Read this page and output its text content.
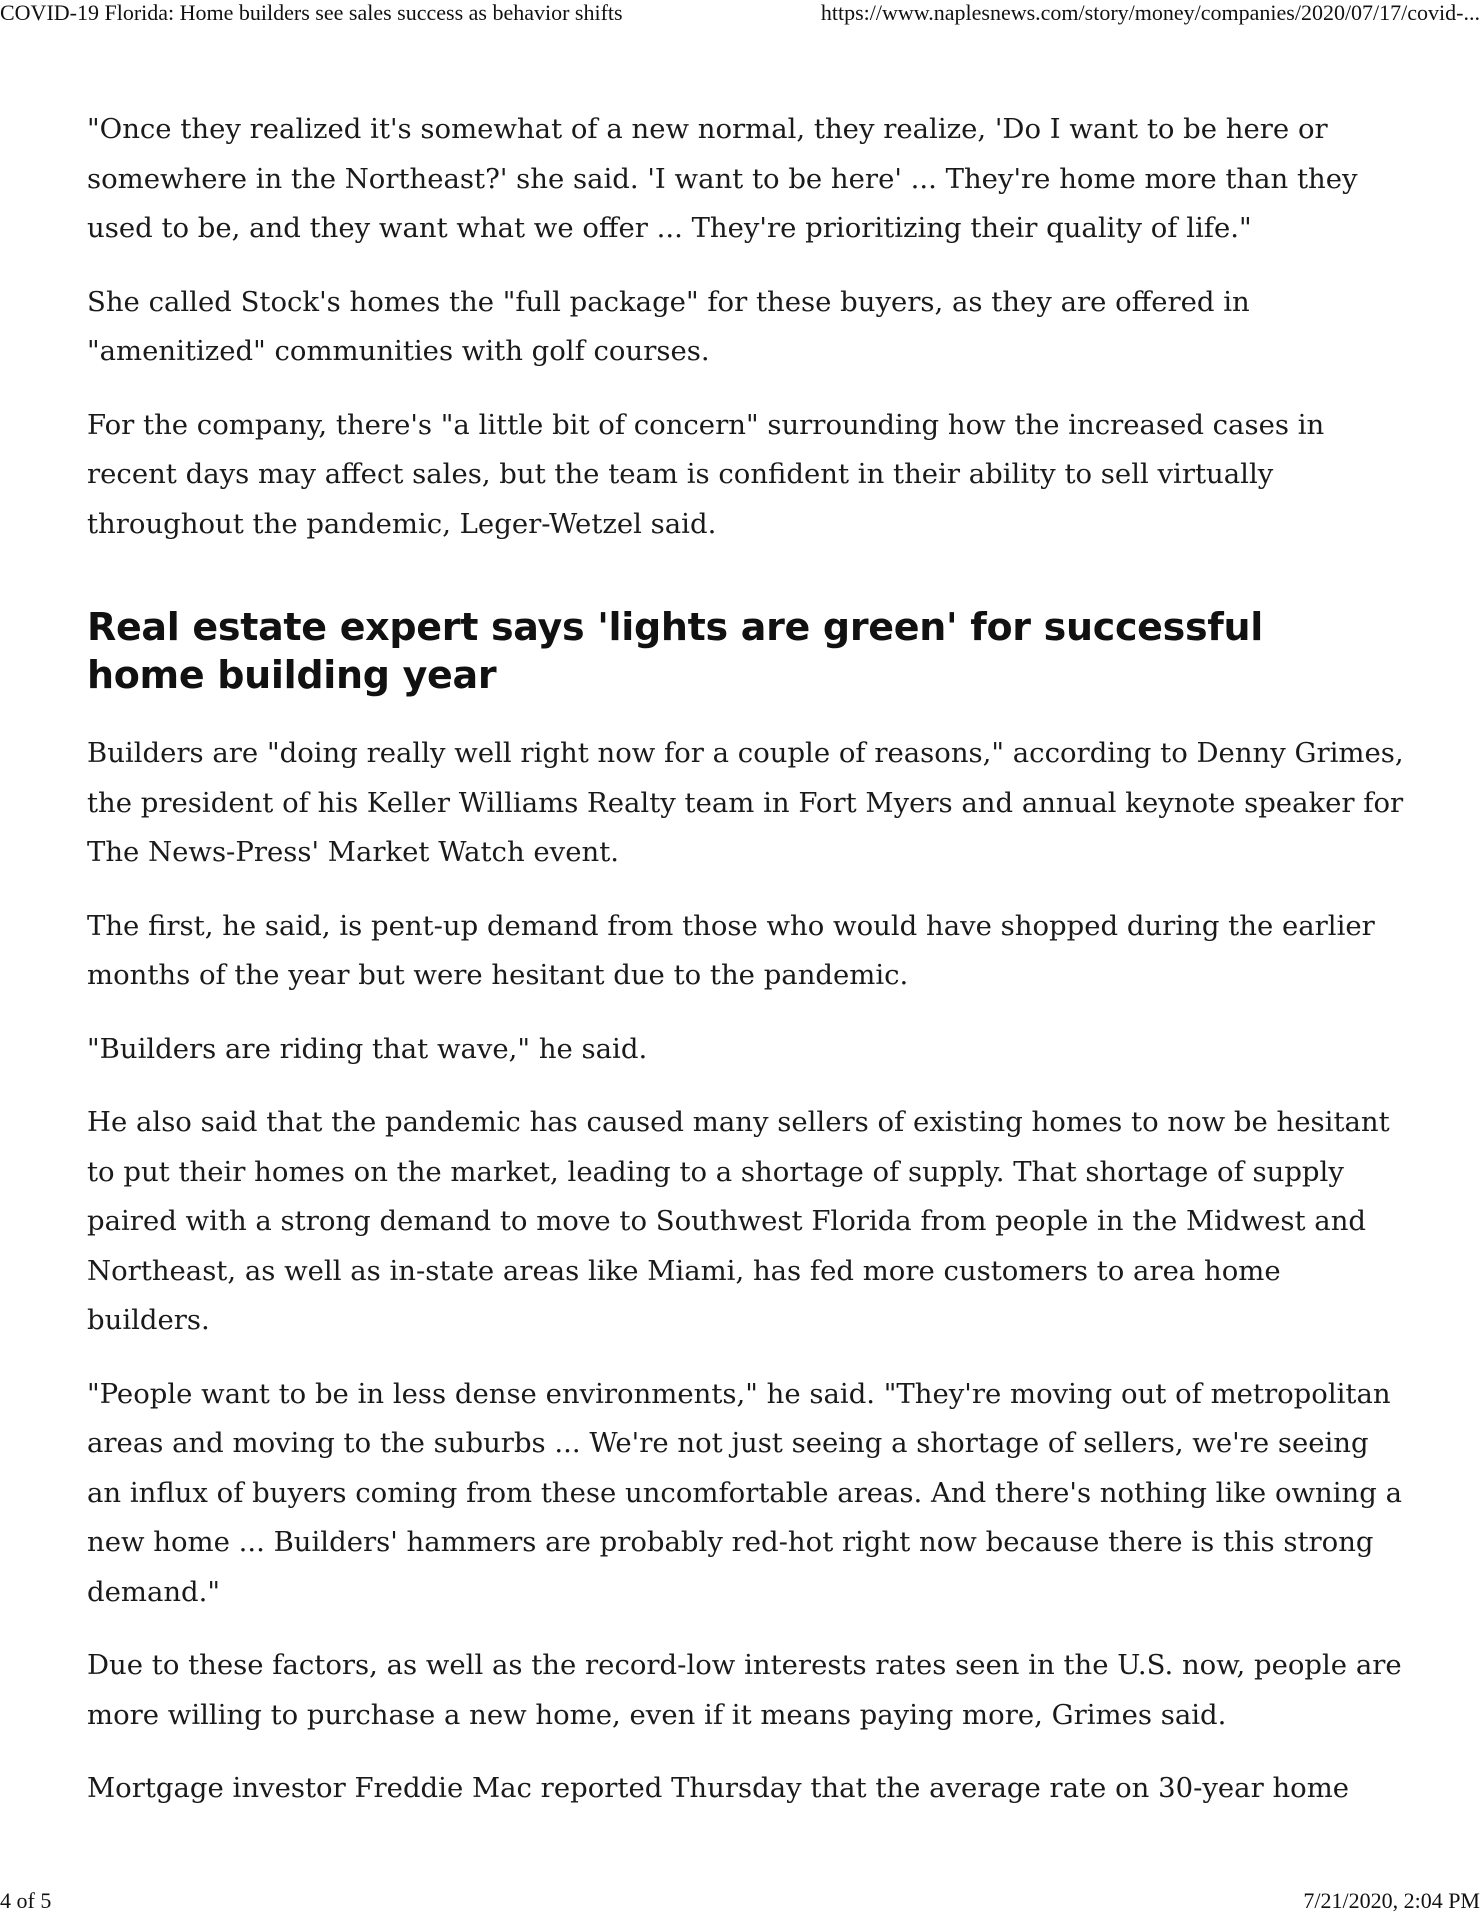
COVID-19 Florida: Home builders see sales success as behavior shifts	https://www.naplesnews.com/story/money/companies/2020/07/17/covid-...

"Once they realized it's somewhat of a new normal, they realize, 'Do I want to be here or somewhere in the Northeast?' she said. 'I want to be here' ... They're home more than they used to be, and they want what we offer ... They're prioritizing their quality of life."

She called Stock's homes the "full package" for these buyers, as they are offered in "amenitized" communities with golf courses.

For the company, there's "a little bit of concern" surrounding how the increased cases in recent days may affect sales, but the team is confident in their ability to sell virtually throughout the pandemic, Leger-Wetzel said.

Real estate expert says 'lights are green' for successful home building year

Builders are "doing really well right now for a couple of reasons," according to Denny Grimes, the president of his Keller Williams Realty team in Fort Myers and annual keynote speaker for The News-Press' Market Watch event.

The first, he said, is pent-up demand from those who would have shopped during the earlier months of the year but were hesitant due to the pandemic.

"Builders are riding that wave," he said.

He also said that the pandemic has caused many sellers of existing homes to now be hesitant to put their homes on the market, leading to a shortage of supply. That shortage of supply paired with a strong demand to move to Southwest Florida from people in the Midwest and Northeast, as well as in-state areas like Miami, has fed more customers to area home builders.

"People want to be in less dense environments," he said. "They're moving out of metropolitan areas and moving to the suburbs ... We're not just seeing a shortage of sellers, we're seeing an influx of buyers coming from these uncomfortable areas. And there's nothing like owning a new home ... Builders' hammers are probably red-hot right now because there is this strong demand."

Due to these factors, as well as the record-low interests rates seen in the U.S. now, people are more willing to purchase a new home, even if it means paying more, Grimes said.

Mortgage investor Freddie Mac reported Thursday that the average rate on 30-year home

4 of 5	7/21/2020, 2:04 PM
